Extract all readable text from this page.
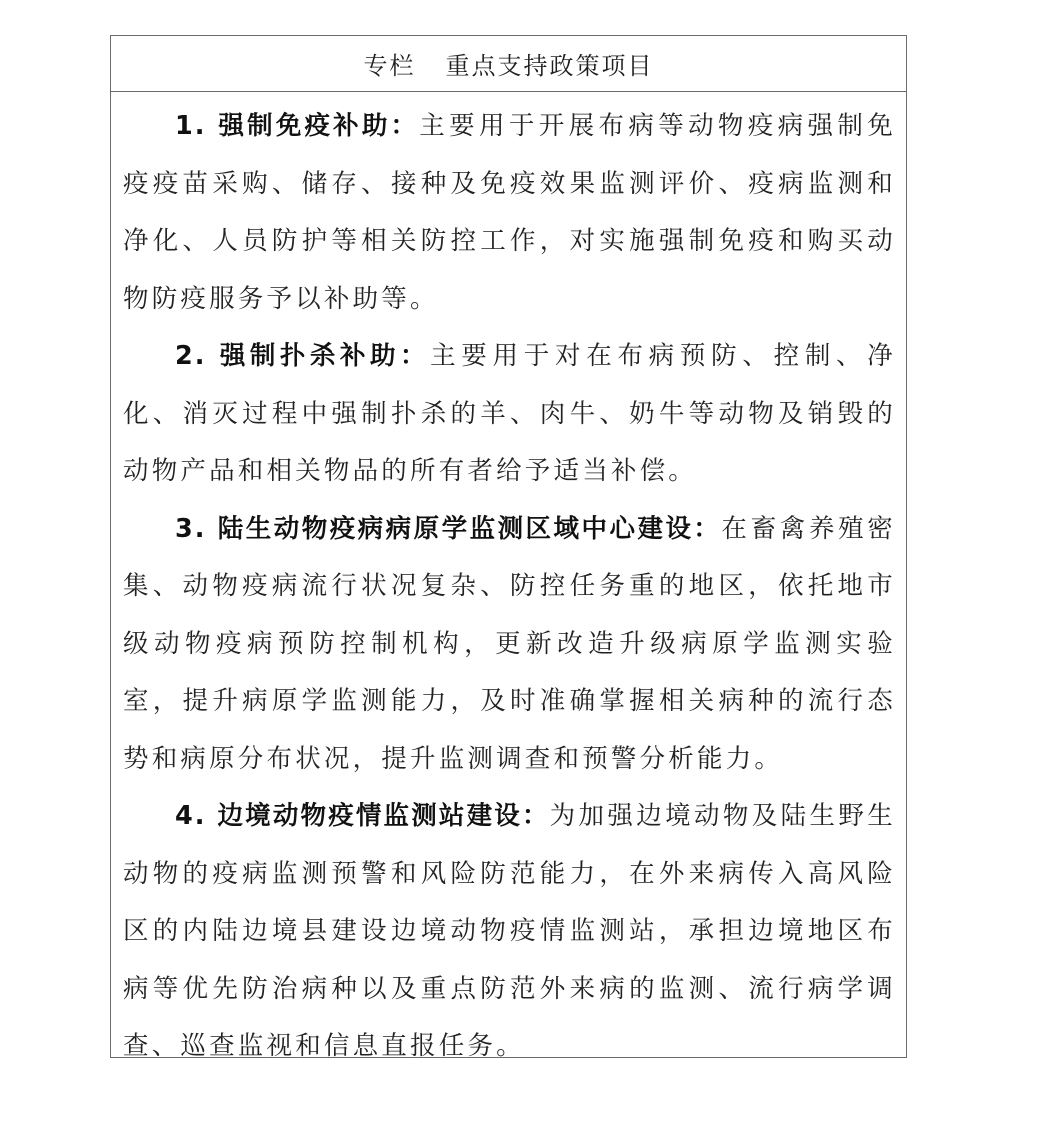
专栏 重点支持政策项目

1. 强制免疫补助：主要用于开展布病等动物疫病强制免疫疫苗采购、储存、接种及免疫效果监测评价、疫病监测和净化、人员防护等相关防控工作，对实施强制免疫和购买动物防疫服务予以补助等。

2. 强制扑杀补助：主要用于对在布病预防、控制、净化、消灭过程中强制扑杀的羊、肉牛、奶牛等动物及销毁的动物产品和相关物品的所有者给予适当补偿。

3. 陆生动物疫病病原学监测区域中心建设：在畜禽养殖密集、动物疫病流行状况复杂、防控任务重的地区，依托地市级动物疫病预防控制机构，更新改造升级病原学监测实验室，提升病原学监测能力，及时准确掌握相关病种的流行态势和病原分布状况，提升监测调查和预警分析能力。

4. 边境动物疫情监测站建设：为加强边境动物及陆生野生动物的疫病监测预警和风险防范能力，在外来病传入高风险区的内陆边境县建设边境动物疫情监测站，承担边境地区布病等优先防治病种以及重点防范外来病的监测、流行病学调查、巡查监视和信息直报任务。
